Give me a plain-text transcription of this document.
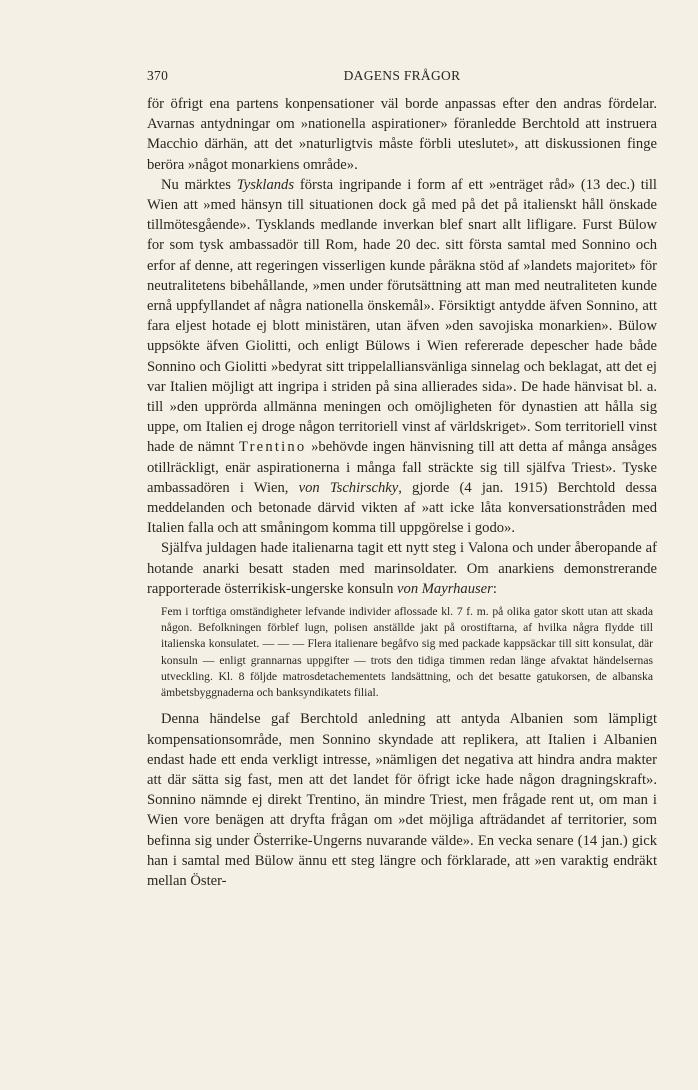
370	DAGENS FRÅGOR

för öfrigt ena partens konpensationer väl borde anpassas efter den andras fördelar. Avarnas antydningar om »nationella aspirationer» föranledde Berchtold att instruera Macchio därhän, att det »naturligtvis måste förbli uteslutet», att diskussionen finge beröra »något monarkiens område».

Nu märktes Tysklands första ingripande i form af ett »enträget råd» (13 dec.) till Wien att »med hänsyn till situationen dock gå med på det på italienskt håll önskade tillmötesgående». Tysklands medlande inverkan blef snart allt lifligare. Furst Bülow for som tysk ambassadör till Rom, hade 20 dec. sitt första samtal med Sonnino och erfor af denne, att regeringen visserligen kunde påräkna stöd af »landets majoritet» för neutralitetens bibehållande, »men under förutsättning att man med neutraliteten kunde ernå uppfyllandet af några nationella önskemål». Försiktigt antydde äfven Sonnino, att fara eljest hotade ej blott ministären, utan äfven »den savojiska monarkien». Bülow uppsökte äfven Giolitti, och enligt Bülows i Wien refererade depescher hade både Sonnino och Giolitti »bedyrat sitt trippelalliansvänliga sinnelag och beklagat, att det ej var Italien möjligt att ingripa i striden på sina allierades sida». De hade hänvisat bl. a. till »den upprörda allmänna meningen och omöjligheten för dynastien att hålla sig uppe, om Italien ej droge någon territoriell vinst af världskriget». Som territoriell vinst hade de nämnt Trentino »behövde ingen hänvisning till att detta af många ansåges otillräckligt, enär aspirationerna i många fall sträckte sig till själfva Triest». Tyske ambassadören i Wien, von Tschirschky, gjorde (4 jan. 1915) Berchtold dessa meddelanden och betonade därvid vikten af »att icke låta konversationstråden med Italien falla och att småningom komma till uppgörelse i godo».

Själfva juldagen hade italienarna tagit ett nytt steg i Valona och under åberopande af hotande anarki besatt staden med marinsoldater. Om anarkiens demonstrerande rapporterade österrikisk-ungerske konsuln von Mayrhauser:

Fem i torftiga omständigheter lefvande individer aflossade kl. 7 f. m. på olika gator skott utan att skada någon. Befolkningen förblef lugn, polisen anställde jakt på orostiftarna, af hvilka några flydde till italienska konsulatet. — — — Flera italienare begåfvo sig med packade kappsäckar till sitt konsulat, där konsuln — enligt grannarnas uppgifter — trots den tidiga timmen redan länge afvaktat händelsernas utveckling. Kl. 8 följde matrosdetachementets landsättning, och det besatte gatukorsen, de albanska ämbetsbyggnaderna och banksyndikatets filial.

Denna händelse gaf Berchtold anledning att antyda Albanien som lämpligt kompensationsområde, men Sonnino skyndade att replikera, att Italien i Albanien endast hade ett enda verkligt intresse, »nämligen det negativa att hindra andra makter att där sätta sig fast, men att det landet för öfrigt icke hade någon dragningskraft». Sonnino nämnde ej direkt Trentino, än mindre Triest, men frågade rent ut, om man i Wien vore benägen att dryfta frågan om »det möjliga afträdandet af territorier, som befinna sig under Österrike-Ungerns nuvarande välde». En vecka senare (14 jan.) gick han i samtal med Bülow ännu ett steg längre och förklarade, att »en varaktig endräkt mellan Öster-
